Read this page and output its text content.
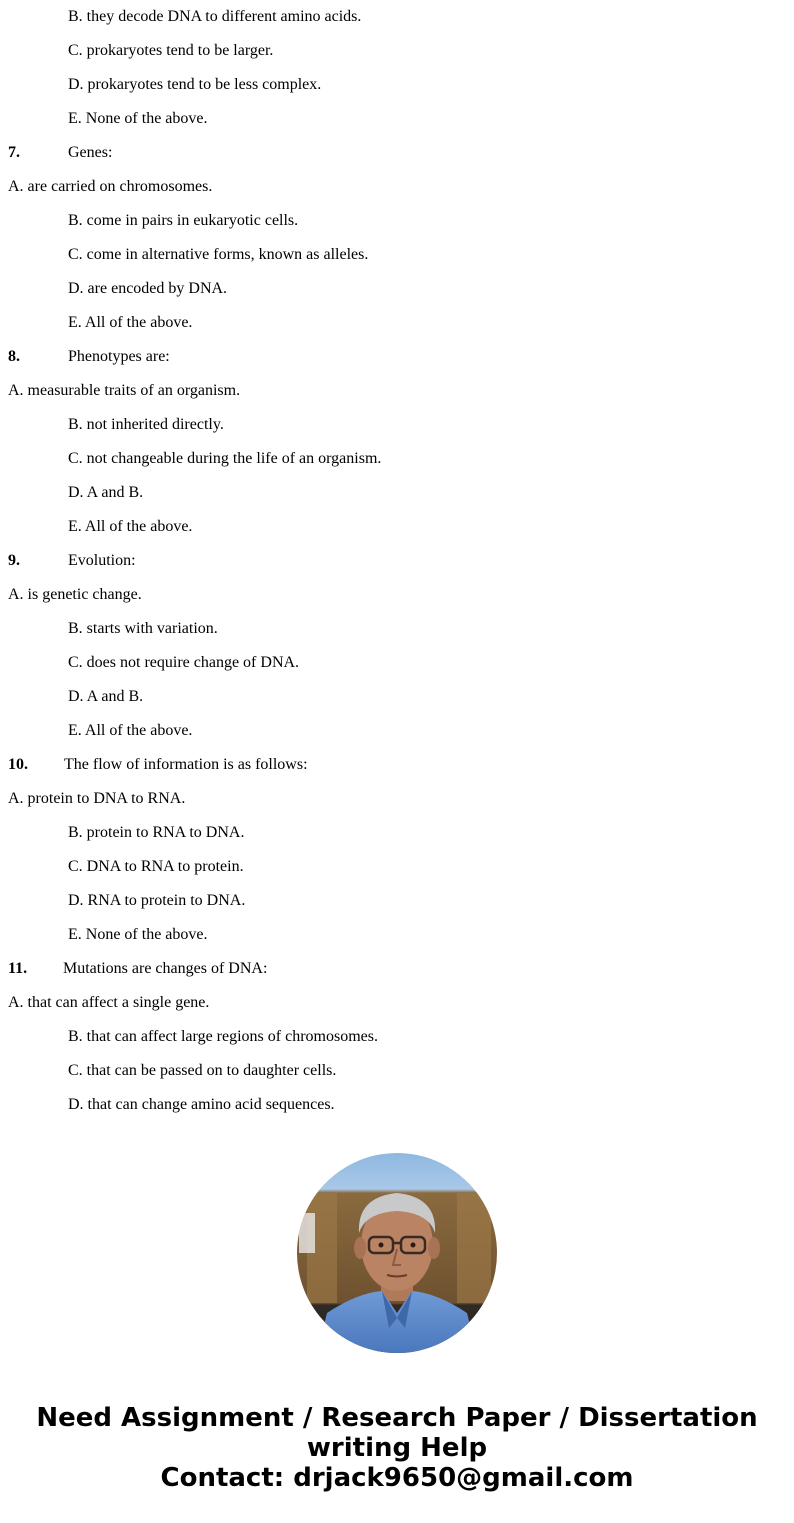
B. they decode DNA to different amino acids.
C. prokaryotes tend to be larger.
D. prokaryotes tend to be less complex.
E. None of the above.
7.	Genes:
A. are carried on chromosomes.
B. come in pairs in eukaryotic cells.
C. come in alternative forms, known as alleles.
D. are encoded by DNA.
E. All of the above.
8.	Phenotypes are:
A. measurable traits of an organism.
B. not inherited directly.
C. not changeable during the life of an organism.
D. A and B.
E. All of the above.
9.	Evolution:
A. is genetic change.
B. starts with variation.
C. does not require change of DNA.
D. A and B.
E. All of the above.
10. The flow of information is as follows:
A. protein to DNA to RNA.
B. protein to RNA to DNA.
C. DNA to RNA to protein.
D. RNA to protein to DNA.
E. None of the above.
11. Mutations are changes of DNA:
A. that can affect a single gene.
B. that can affect large regions of chromosomes.
C. that can be passed on to daughter cells.
D. that can change amino acid sequences.
Need Assignment / Research Paper / Dissertation
writing Help
Contact: drjack9650@gmail.com
